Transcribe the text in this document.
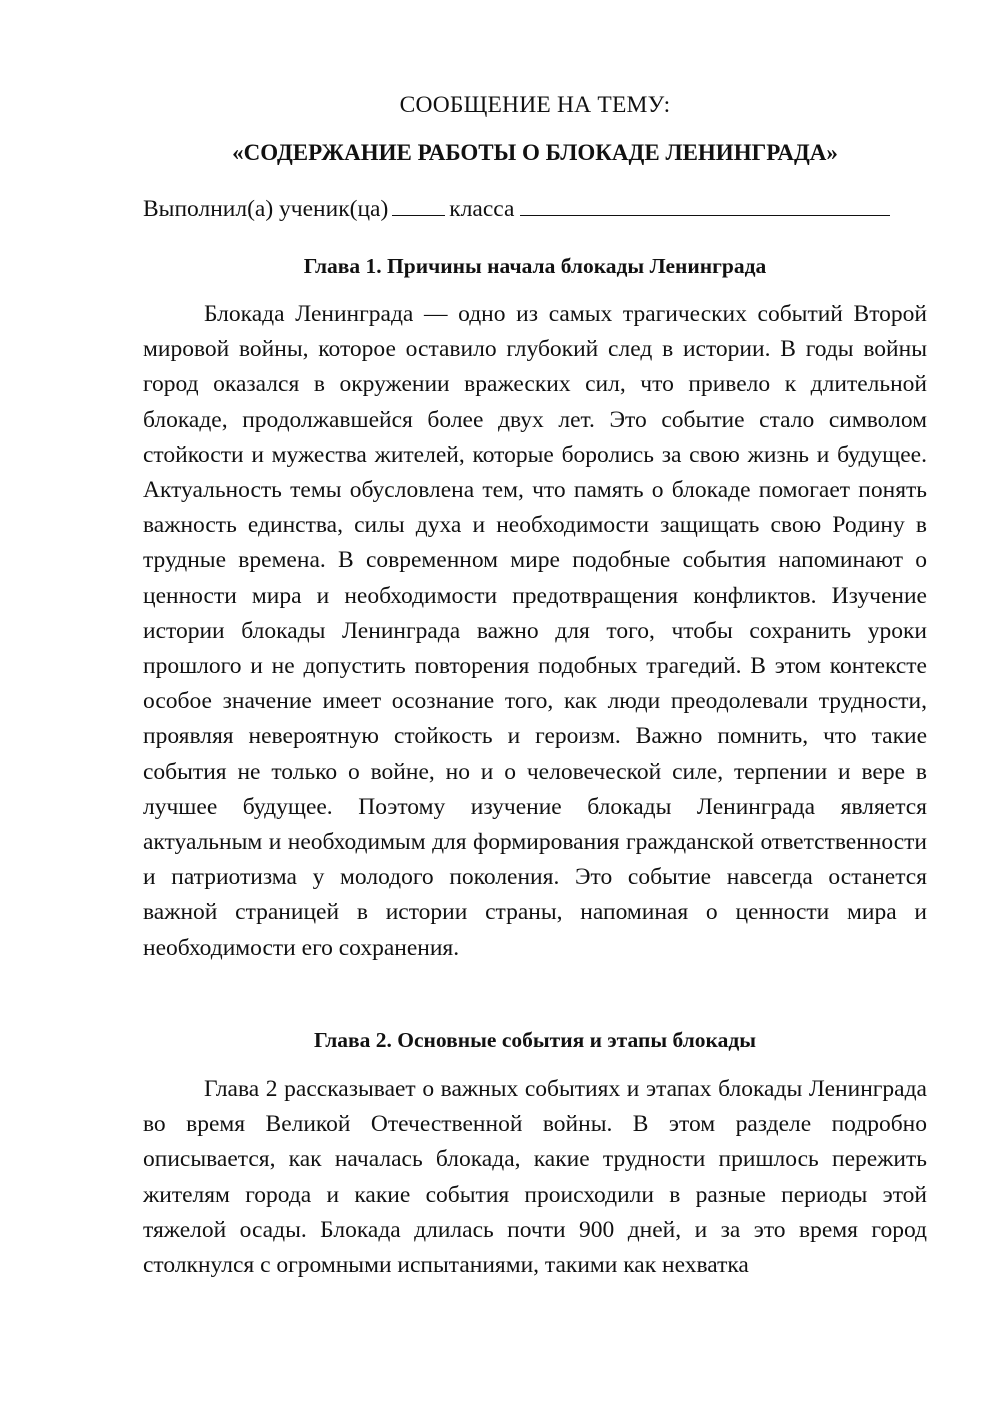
СООБЩЕНИЕ НА ТЕМУ:
«СОДЕРЖАНИЕ РАБОТЫ О БЛОКАДЕ ЛЕНИНГРАДА»
Выполнил(а) ученик(ца)	класса
Глава 1. Причины начала блокады Ленинграда

Блокада Ленинграда — одно из самых трагических событий Второй мировой войны, которое оставило глубокий след в истории. В годы войны город оказался в окружении вражеских сил, что привело к длительной блокаде, продолжавшейся более двух лет. Это событие стало символом стойкости и мужества жителей, которые боролись за свою жизнь и будущее. Актуальность темы обусловлена тем, что память о блокаде помогает понять важность единства, силы духа и необходимости защищать свою Родину в трудные времена. В современном мире подобные события напоминают о ценности мира и необходимости предотвращения конфликтов. Изучение истории блокады Ленинграда важно для того, чтобы сохранить уроки прошлого и не допустить повторения подобных трагедий. В этом контексте особое значение имеет осознание того, как люди преодолевали трудности, проявляя невероятную стойкость и героизм. Важно помнить, что такие события не только о войне, но и о человеческой силе, терпении и вере в лучшее будущее. Поэтому изучение блокады Ленинграда является актуальным и необходимым для формирования гражданской ответственности и патриотизма у молодого поколения. Это событие навсегда останется важной страницей в истории страны, напоминая о ценности мира и необходимости его сохранения.

Глава 2. Основные события и этапы блокады

Глава 2 рассказывает о важных событиях и этапах блокады Ленинграда во время Великой Отечественной войны. В этом разделе подробно описывается, как началась блокада, какие трудности пришлось пережить жителям города и какие события происходили в разные периоды этой тяжелой осады. Блокада длилась почти 900 дней, и за это время город столкнулся с огромными испытаниями, такими как нехватка
